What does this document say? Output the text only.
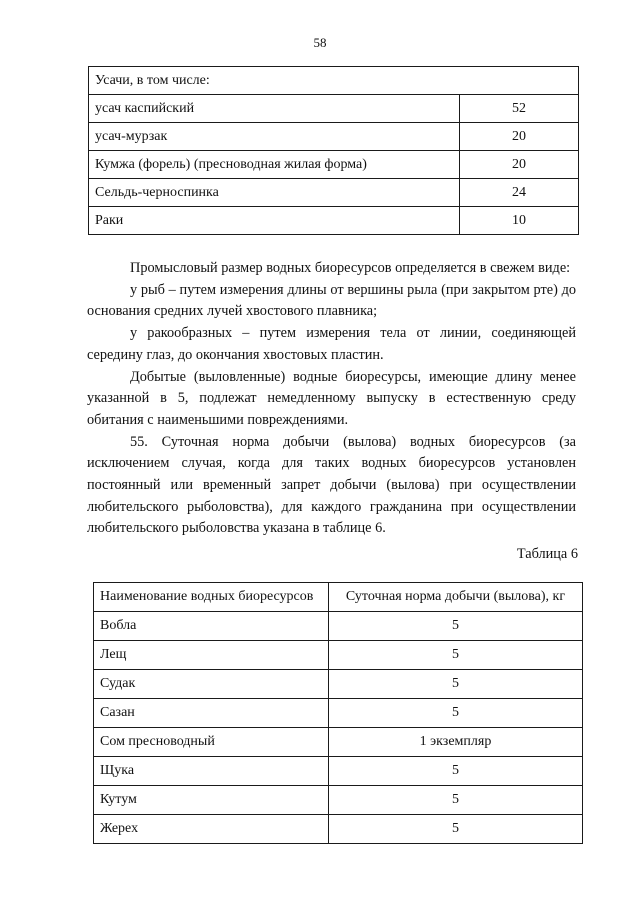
58
Усачи, в том числе:	
усач каспийский	52
усач-мурзак	20
Кумжа (форель) (пресноводная жилая форма)	20
Сельдь-черноспинка	24
Раки	10

Промысловый размер водных биоресурсов определяется в свежем виде:

у рыб – путем измерения длины от вершины рыла (при закрытом рте) до основания средних лучей хвостового плавника;

у ракообразных – путем измерения тела от линии, соединяющей середину глаз, до окончания хвостовых пластин.

Добытые (выловленные) водные биоресурсы, имеющие длину менее указанной в 5, подлежат немедленному выпуску в естественную среду обитания с наименьшими повреждениями.

55. Суточная норма добычи (вылова) водных биоресурсов (за исключением случая, когда для таких водных биоресурсов установлен постоянный или временный запрет добычи (вылова) при осуществлении любительского рыболовства), для каждого гражданина при осуществлении любительского рыболовства указана в таблице 6.

Таблица 6
Наименование водных биоресурсов	Суточная норма добычи (вылова), кг
Вобла	5
Лещ	5
Судак	5
Сазан	5
Сом пресноводный	1 экземпляр
Щука	5
Кутум	5
Жерех	5
